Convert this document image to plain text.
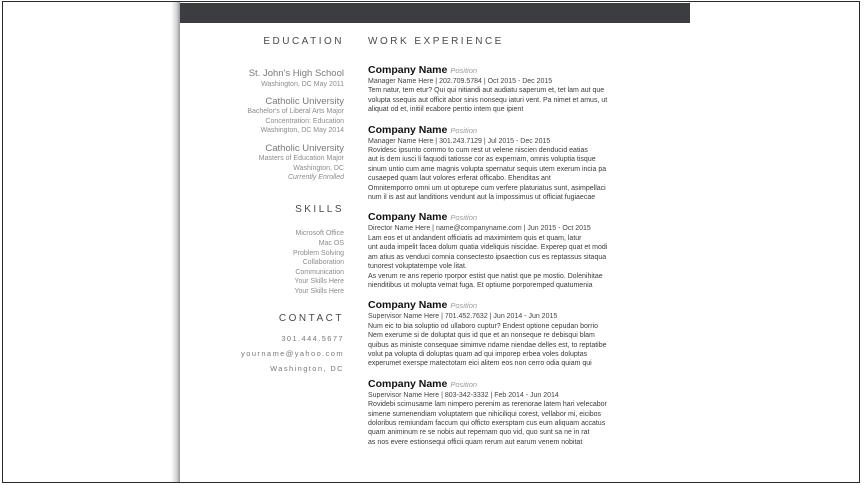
EDUCATION
St. John's High School
Washington, DC May 2011
Catholic University
Bachelor's of Liberal Arts Major
Concentration: Education
Washington, DC May 2014
Catholic University
Masters of Education Major
Washington, DC
Currently Enrolled
SKILLS
Microsoft Office
Mac OS
Problem Solving
Collaboration
Communication
Your Skills Here
Your Skills Here
CONTACT
301.444.5677
yourname@yahoo.com
Washington, DC
WORK EXPERIENCE
Company Name Position
Manager Name Here | 202.709.5784 | Oct 2015 - Dec 2015
Tem natur, tem etur? Qui qui nitiandi aut audiatu saperum et, tet lam aut que
volupta ssequis aut officit abor sinis nonsequ iaturi vent. Pa nimet et amus, ut
aliquat od et, initiil ecabore pentio intem que ipient
Company Name Position
Manager Name Here | 301.243.7129 | Jul 2015 - Dec 2015
Rovidesc ipsunto commo to cum rest ut velene niscien denducid eatias
aut is dem iusci li faquodi tatiosse cor as expernam, omnis voluptia tisque
sinum untio cum ame magnis volupta spernatur sequis utem exerum incia pa
cusaeped quam laut volores erferat officabo. Ehenditas ant
Omnitemporro omni um ut opturepe cum verfere platuriatus sunt, asimpellaci
num il is ast aut landitions vendunt aut la impossimus ut officiat fugiaecae
Company Name Position
Director Name Here | name@companyname.com | Jun 2015 - Oct 2015
Lam eos et ut andandent officiatis ad maximintem quis et quam, latur
unt auda impelit facea dolum quatia videliquis niscidae. Experep quat et modi
am atius as venduci comnia consectesto ipsaection cus es reptassus sitaqua
tunorest voluptatempe vole litat.
As verum re ans reperio rporpor estist que natist que pe mostio. Dolenihitae
nienditibus ut molupta vernat fuga. Et optiume porporemped quatumenia
Company Name Position
Supervisor Name Here | 701.452.7632 | Jun 2014 - Jun 2015
Num eic to bia soluptio od ullaboro cuptur? Endest optione cepudan borrio
Nem exerume si de doluptat quis id que et an nonseque re debisqui blam
quibus as ministe consequae simimve ndame niendae delles est, to reptatibe
volut pa volupta di doluptas quam ad qui imporep erbea voles doluptas
experumet exerspe matectotam eici alitem eos non cerro odia quiam qui
Company Name Position
Supervisor Name Here | 803-342-3332 | Feb 2014 - Jun 2014
Rovidebi scimusame lam nimpero perenim as rerenorae latem hari velecabor
simene sumenendiam voluptatem que nihiciliqui corest, vellabor mi, eicibos
doloribus remiundam faccum qui officto exersptam cus eum aliquam accatus
quam animinum re se nobis aut repernam quo vid, quo sunt sa ne in rat
as nos evere estionsequi officii quam rerum aut earum venem nobitat
